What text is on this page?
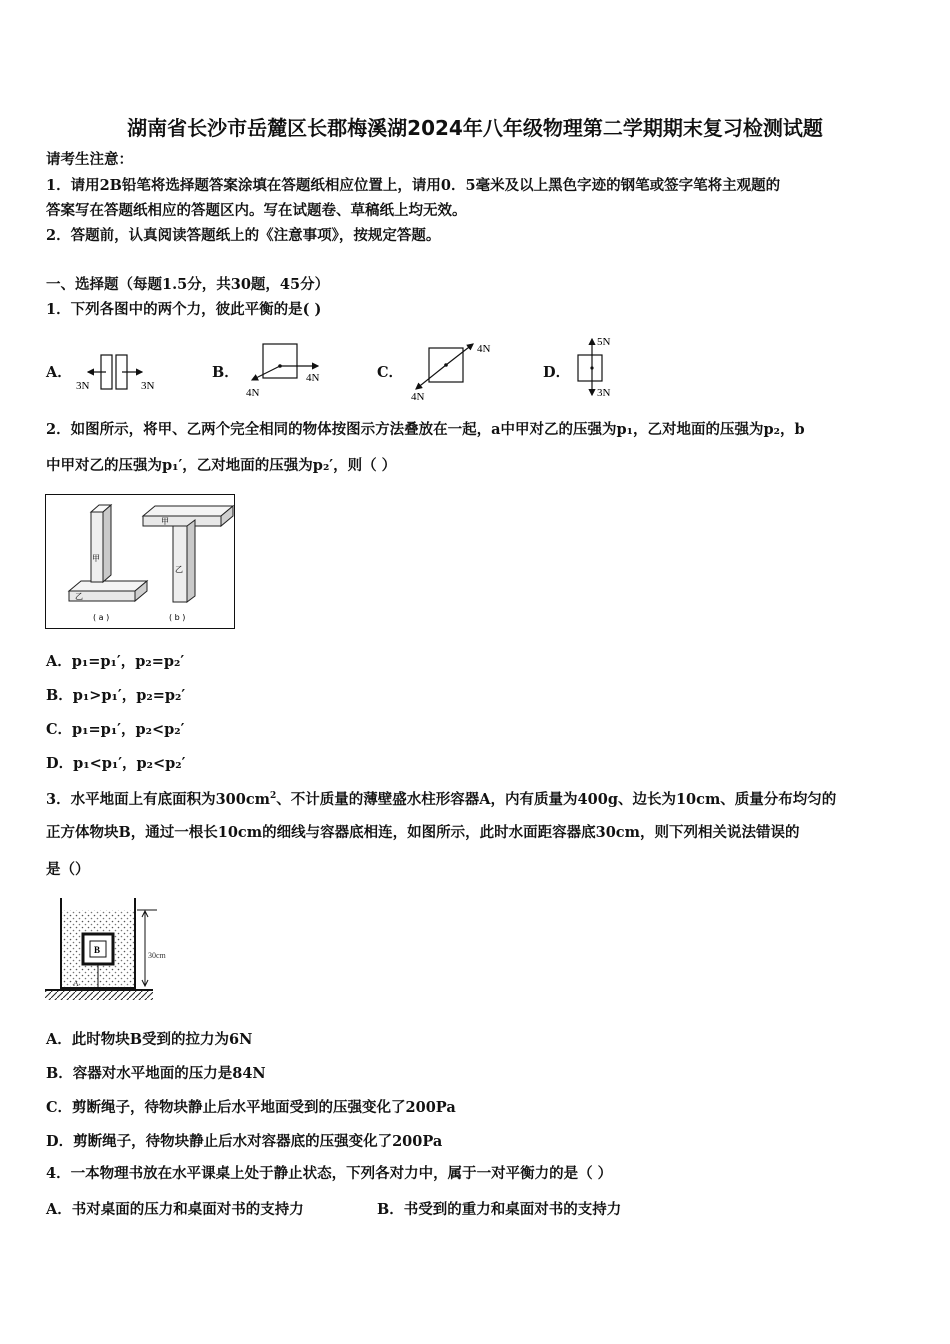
湖南省长沙市岳麓区长郡梅溪湖2024年八年级物理第二学期期末复习检测试题
请考生注意：
1．请用2B铅笔将选择题答案涂填在答题纸相应位置上，请用0．5毫米及以上黑色字迹的钢笔或签字笔将主观题的
答案写在答题纸相应的答题区内。写在试题卷、草稿纸上均无效。
2．答题前，认真阅读答题纸上的《注意事项》，按规定答题。
一、选择题（每题1.5分，共30题，45分）
1．下列各图中的两个力，彼此平衡的是( )
A．
3N	3N
B．	4N
4N
C．
4N
4N
D．
5N
3N
2．如图所示，将甲、乙两个完全相同的物体按图示方法叠放在一起，a中甲对乙的压强为p₁，乙对地面的压强为p₂，b
中甲对乙的压强为p₁′，乙对地面的压强为p₂′，则（ ）
甲
乙
甲
乙
( a )	( b )
A．p₁=p₁′，p₂=p₂′
B．p₁>p₁′，p₂=p₂′
C．p₁=p₁′，p₂<p₂′
D．p₁<p₁′，p₂<p₂′
3．水平地面上有底面积为$300cm^2$、不计质量的薄壁盛水柱形容器A，内有质量为400g、边长为10cm、质量分布均匀的
正方体物块B，通过一根长10cm的细线与容器底相连，如图所示，此时水面距容器底30cm，则下列相关说法错误的
是（）
B
30cm
A
A．此时物块B受到的拉力为6N
B．容器对水平地面的压力是84N
C．剪断绳子，待物块静止后水平地面受到的压强变化了200Pa
D．剪断绳子，待物块静止后水对容器底的压强变化了200Pa
4．一本物理书放在水平课桌上处于静止状态，下列各对力中，属于一对平衡力的是（ ）
A．书对桌面的压力和桌面对书的支持力	B．书受到的重力和桌面对书的支持力
